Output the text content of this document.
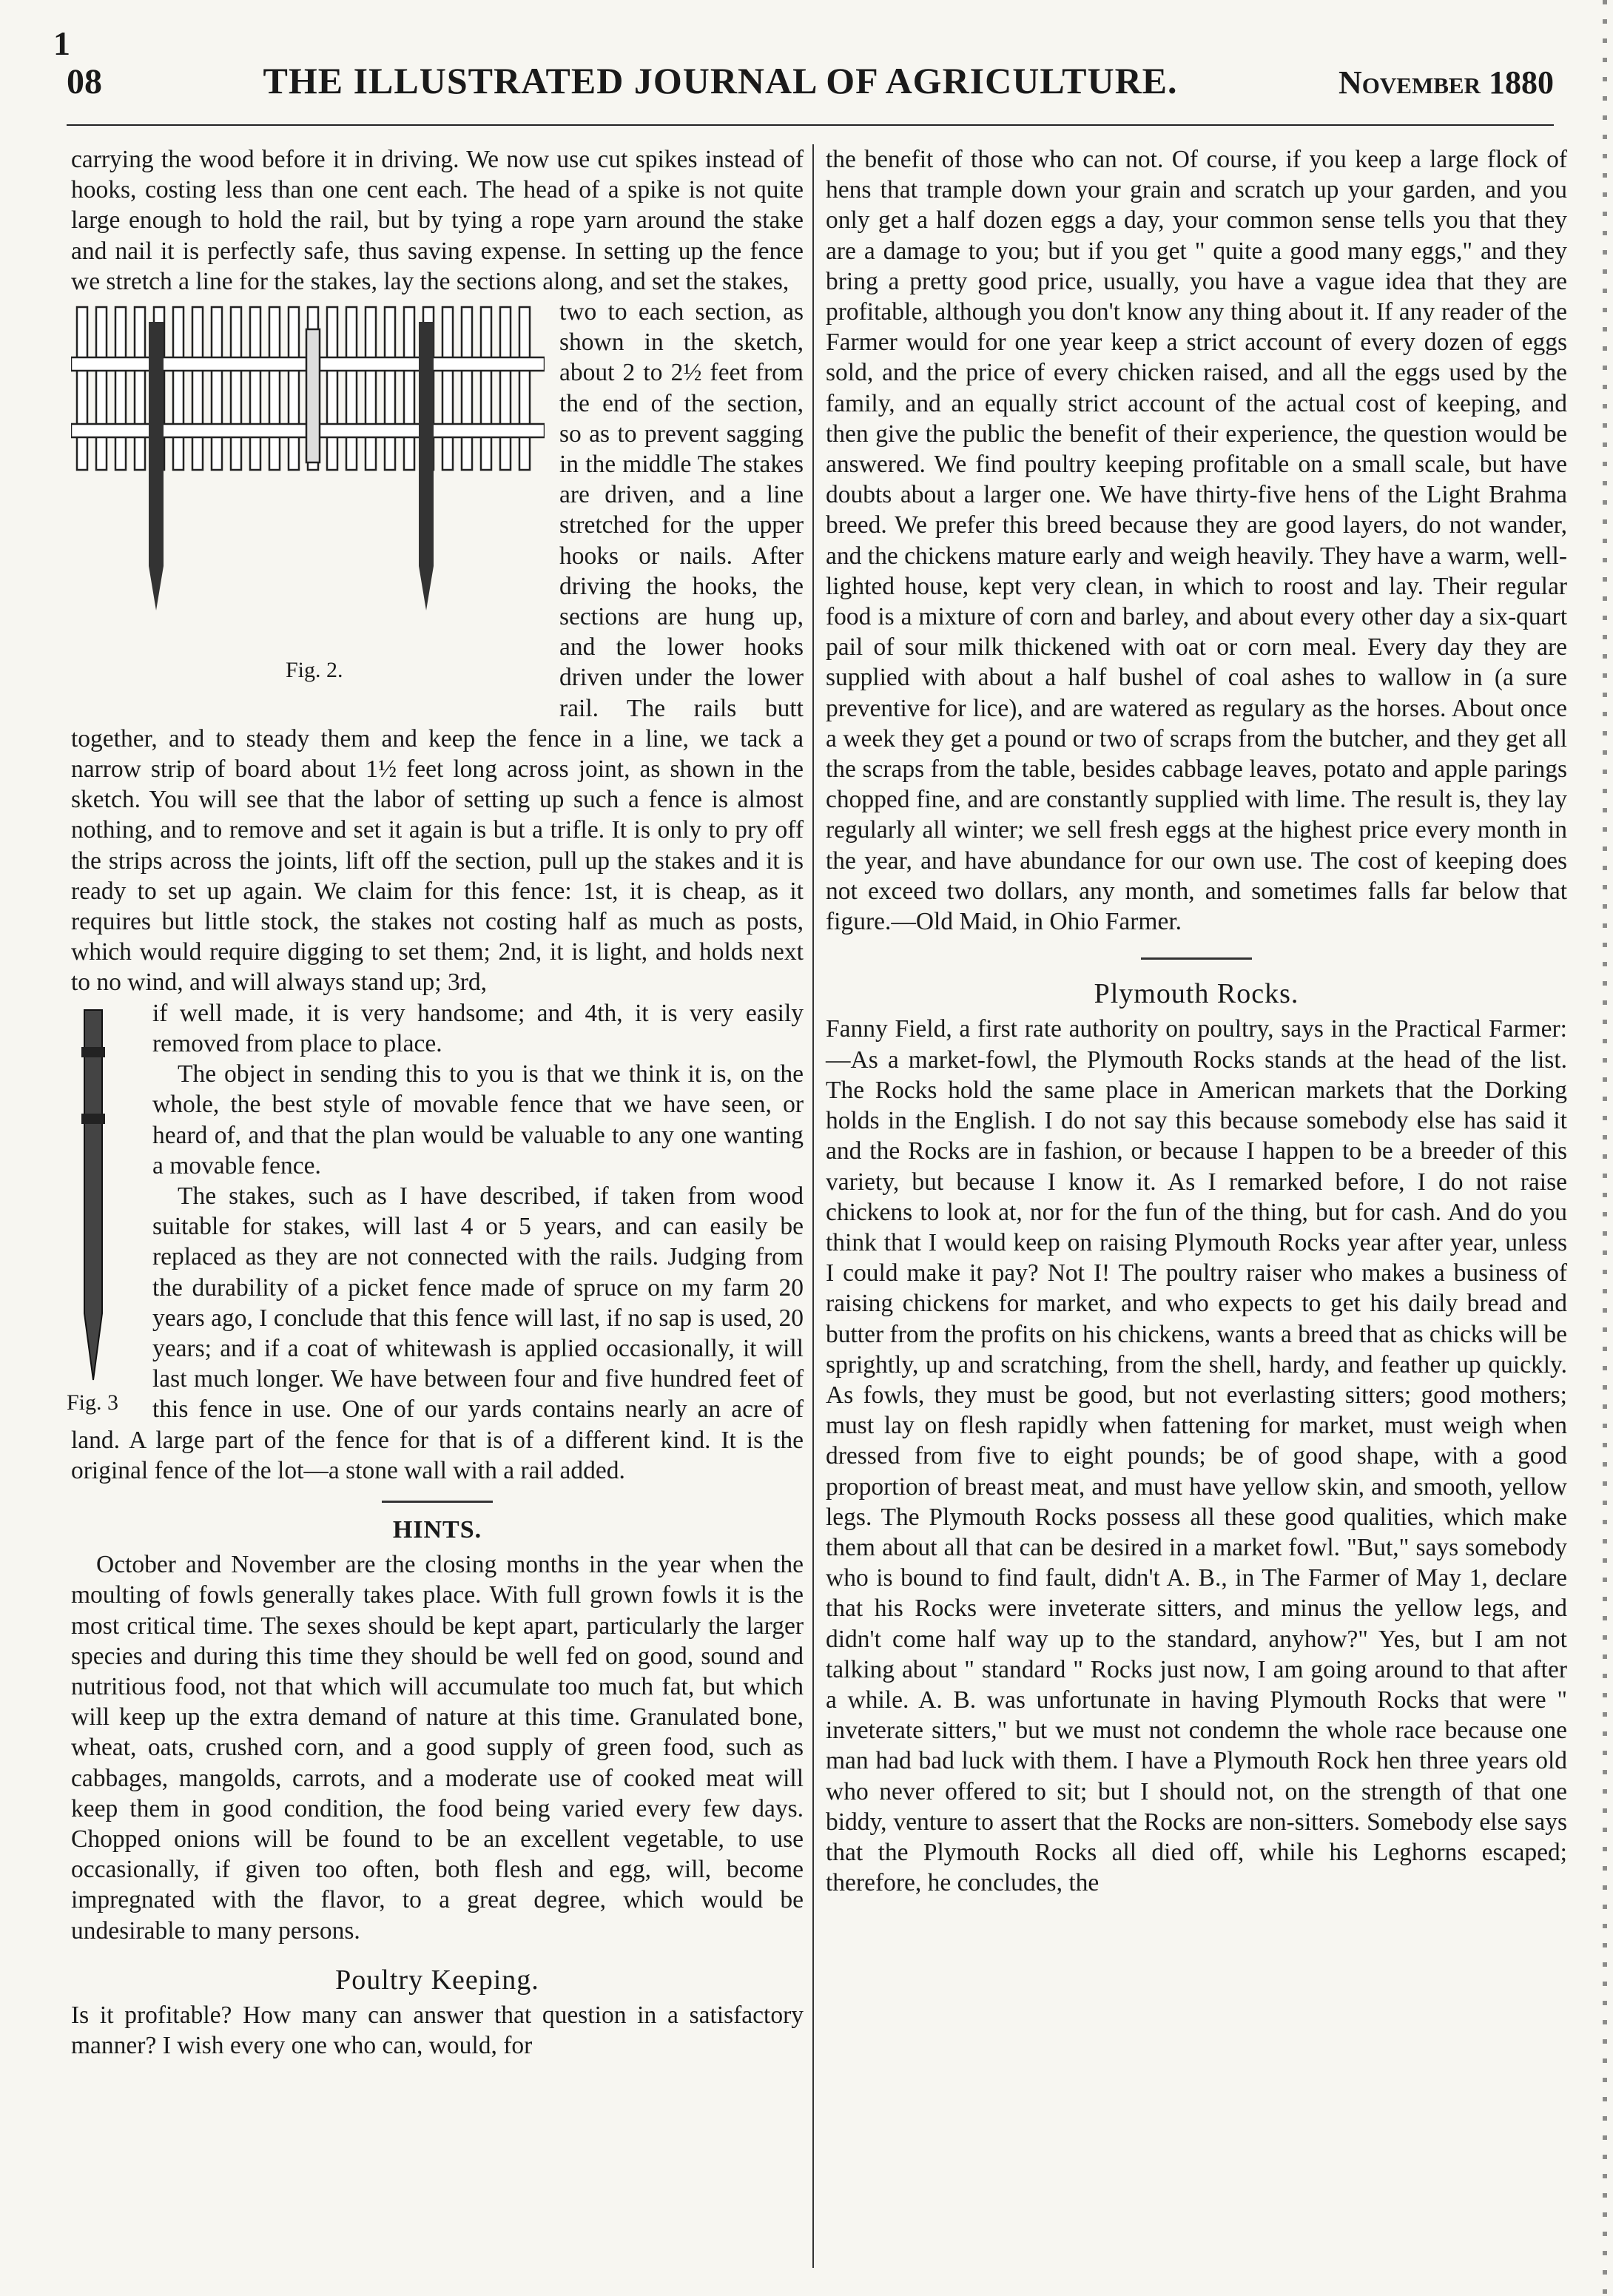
1
08	THE ILLUSTRATED JOURNAL OF AGRICULTURE.	November 1880

carrying the wood before it in driving. We now use cut spikes instead of hooks, costing less than one cent each. The head of a spike is not quite large enough to hold the rail, but by tying a rope yarn around the stake and nail it is perfectly safe, thus saving expense. In setting up the fence we stretch a line for the stakes, lay the sections along, and set the stakes,

Fig. 2.

two to each section, as shown in the sketch, about 2 to 2½ feet from the end of the section, so as to prevent sagging in the middle The stakes are driven, and a line stretched for the upper hooks or nails. After driving the hooks, the sections are hung up, and the lower hooks driven under the lower rail. The rails butt together, and to steady them and keep the fence in a line, we tack a narrow strip of board about 1½ feet long across joint, as shown in the sketch. You will see that the labor of setting up such a fence is almost nothing, and to remove and set it again is but a trifle. It is only to pry off the strips across the joints, lift off the section, pull up the stakes and it is ready to set up again. We claim for this fence: 1st, it is cheap, as it requires but little stock, the stakes not costing half as much as posts, which would require digging to set them; 2nd, it is light, and holds next to no wind, and will always stand up; 3rd,

Fig. 3

if well made, it is very handsome; and 4th, it is very easily removed from place to place.

The object in sending this to you is that we think it is, on the whole, the best style of movable fence that we have seen, or heard of, and that the plan would be valuable to any one wanting a movable fence.

The stakes, such as I have described, if taken from wood suitable for stakes, will last 4 or 5 years, and can easily be replaced as they are not connected with the rails. Judging from the durability of a picket fence made of spruce on my farm 20 years ago, I conclude that this fence will last, if no sap is used, 20 years; and if a coat of whitewash is applied occasionally, it will last much longer. We have between four and five hundred feet of this fence in use. One of our yards contains nearly an acre of land. A large part of the fence for that is of a different kind. It is the original fence of the lot—a stone wall with a rail added.

HINTS.

October and November are the closing months in the year when the moulting of fowls generally takes place. With full grown fowls it is the most critical time. The sexes should be kept apart, particularly the larger species and during this time they should be well fed on good, sound and nutritious food, not that which will accumulate too much fat, but which will keep up the extra demand of nature at this time. Granulated bone, wheat, oats, crushed corn, and a good supply of green food, such as cabbages, mangolds, carrots, and a moderate use of cooked meat will keep them in good condition, the food being varied every few days. Chopped onions will be found to be an excellent vegetable, to use occasionally, if given too often, both flesh and egg, will, become impregnated with the flavor, to a great degree, which would be undesirable to many persons.

Poultry Keeping.

Is it profitable? How many can answer that question in a satisfactory manner? I wish every one who can, would, for

the benefit of those who can not. Of course, if you keep a large flock of hens that trample down your grain and scratch up your garden, and you only get a half dozen eggs a day, your common sense tells you that they are a damage to you; but if you get " quite a good many eggs," and they bring a pretty good price, usually, you have a vague idea that they are profitable, although you don't know any thing about it. If any reader of the Farmer would for one year keep a strict account of every dozen of eggs sold, and the price of every chicken raised, and all the eggs used by the family, and an equally strict account of the actual cost of keeping, and then give the public the benefit of their experience, the question would be answered. We find poultry keeping profitable on a small scale, but have doubts about a larger one. We have thirty-five hens of the Light Brahma breed. We prefer this breed because they are good layers, do not wander, and the chickens mature early and weigh heavily. They have a warm, well-lighted house, kept very clean, in which to roost and lay. Their regular food is a mixture of corn and barley, and about every other day a six-quart pail of sour milk thickened with oat or corn meal. Every day they are supplied with about a half bushel of coal ashes to wallow in (a sure preventive for lice), and are watered as regulary as the horses. About once a week they get a pound or two of scraps from the butcher, and they get all the scraps from the table, besides cabbage leaves, potato and apple parings chopped fine, and are constantly supplied with lime. The result is, they lay regularly all winter; we sell fresh eggs at the highest price every month in the year, and have abundance for our own use. The cost of keeping does not exceed two dollars, any month, and sometimes falls far below that figure.—Old Maid, in Ohio Farmer.

Plymouth Rocks.

Fanny Field, a first rate authority on poultry, says in the Practical Farmer:—As a market-fowl, the Plymouth Rocks stands at the head of the list. The Rocks hold the same place in American markets that the Dorking holds in the English. I do not say this because somebody else has said it and the Rocks are in fashion, or because I happen to be a breeder of this variety, but because I know it. As I remarked before, I do not raise chickens to look at, nor for the fun of the thing, but for cash. And do you think that I would keep on raising Plymouth Rocks year after year, unless I could make it pay? Not I! The poultry raiser who makes a business of raising chickens for market, and who expects to get his daily bread and butter from the profits on his chickens, wants a breed that as chicks will be sprightly, up and scratching, from the shell, hardy, and feather up quickly. As fowls, they must be good, but not everlasting sitters; good mothers; must lay on flesh rapidly when fattening for market, must weigh when dressed from five to eight pounds; be of good shape, with a good proportion of breast meat, and must have yellow skin, and smooth, yellow legs. The Plymouth Rocks possess all these good qualities, which make them about all that can be desired in a market fowl. "But," says somebody who is bound to find fault, didn't A. B., in The Farmer of May 1, declare that his Rocks were inveterate sitters, and minus the yellow legs, and didn't come half way up to the standard, anyhow?" Yes, but I am not talking about " standard " Rocks just now, I am going around to that after a while. A. B. was unfortunate in having Plymouth Rocks that were " inveterate sitters," but we must not condemn the whole race because one man had bad luck with them. I have a Plymouth Rock hen three years old who never offered to sit; but I should not, on the strength of that one biddy, venture to assert that the Rocks are non-sitters. Somebody else says that the Plymouth Rocks all died off, while his Leghorns escaped; therefore, he concludes, the
